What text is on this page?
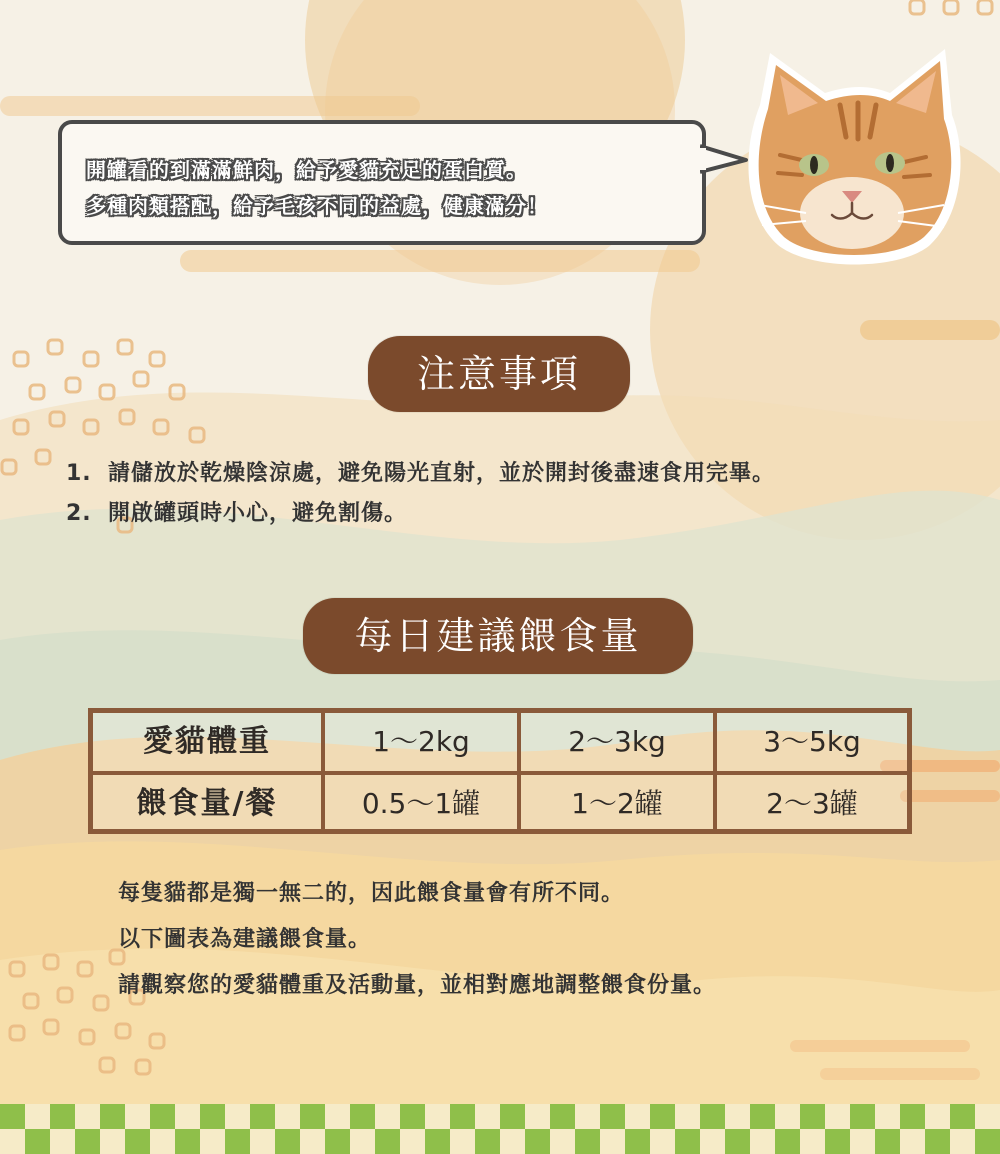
開罐看的到滿滿鮮肉，給予愛貓充足的蛋白質。
多種肉類搭配，給予毛孩不同的益處，健康滿分！
注意事項
1. 請儲放於乾燥陰涼處，避免陽光直射，並於開封後盡速食用完畢。
2. 開啟罐頭時小心，避免割傷。
每日建議餵食量
愛貓體重	1～2kg	2～3kg	3～5kg
餵食量/餐	0.5～1罐	1～2罐	2～3罐
每隻貓都是獨一無二的，因此餵食量會有所不同。
以下圖表為建議餵食量。
請觀察您的愛貓體重及活動量，並相對應地調整餵食份量。
